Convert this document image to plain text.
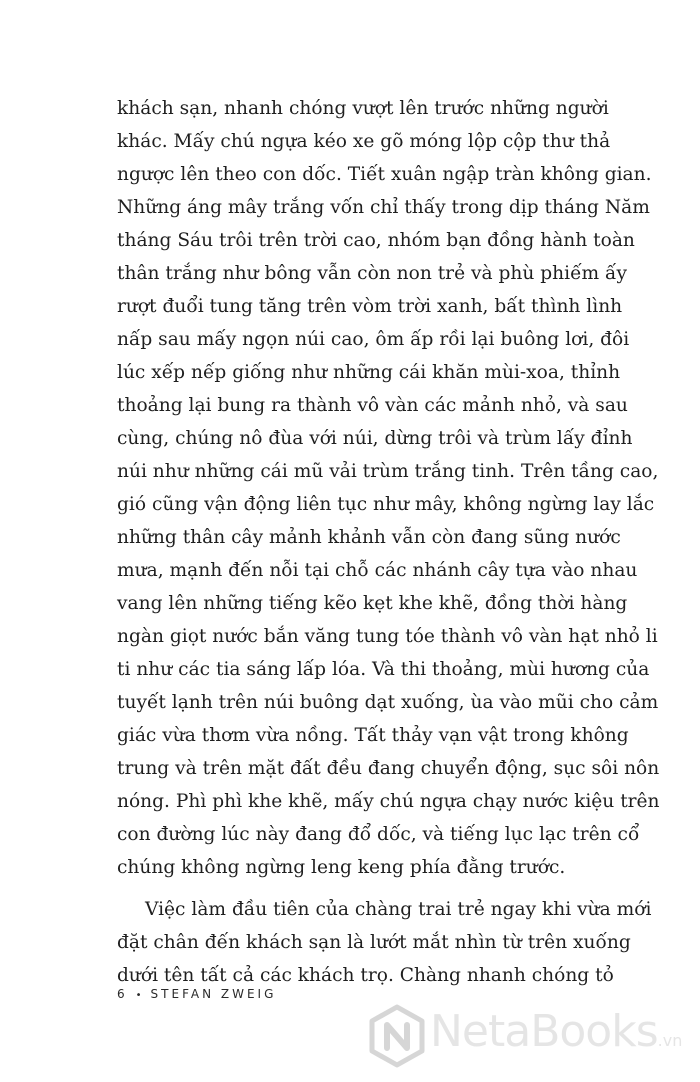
khách sạn, nhanh chóng vượt lên trước những người
khác. Mấy chú ngựa kéo xe gõ móng lộp cộp thư thả
ngược lên theo con dốc. Tiết xuân ngập tràn không gian.
Những áng mây trắng vốn chỉ thấy trong dịp tháng Năm
tháng Sáu trôi trên trời cao, nhóm bạn đồng hành toàn
thân trắng như bông vẫn còn non trẻ và phù phiếm ấy
rượt đuổi tung tăng trên vòm trời xanh, bất thình lình
nấp sau mấy ngọn núi cao, ôm ấp rồi lại buông lơi, đôi
lúc xếp nếp giống như những cái khăn mùi-xoa, thỉnh
thoảng lại bung ra thành vô vàn các mảnh nhỏ, và sau
cùng, chúng nô đùa với núi, dừng trôi và trùm lấy đỉnh
núi như những cái mũ vải trùm trắng tinh. Trên tầng cao,
gió cũng vận động liên tục như mây, không ngừng lay lắc
những thân cây mảnh khảnh vẫn còn đang sũng nước
mưa, mạnh đến nỗi tại chỗ các nhánh cây tựa vào nhau
vang lên những tiếng kẽo kẹt khe khẽ, đồng thời hàng
ngàn giọt nước bắn văng tung tóe thành vô vàn hạt nhỏ li
ti như các tia sáng lấp lóa. Và thi thoảng, mùi hương của
tuyết lạnh trên núi buông dạt xuống, ùa vào mũi cho cảm
giác vừa thơm vừa nồng. Tất thảy vạn vật trong không
trung và trên mặt đất đều đang chuyển động, sục sôi nôn
nóng. Phì phì khe khẽ, mấy chú ngựa chạy nước kiệu trên
con đường lúc này đang đổ dốc, và tiếng lục lạc trên cổ
chúng không ngừng leng keng phía đằng trước.
Việc làm đầu tiên của chàng trai trẻ ngay khi vừa mới
đặt chân đến khách sạn là lướt mắt nhìn từ trên xuống
dưới tên tất cả các khách trọ. Chàng nhanh chóng tỏ
6 • STEFAN ZWEIG
NetaBooks.vn
